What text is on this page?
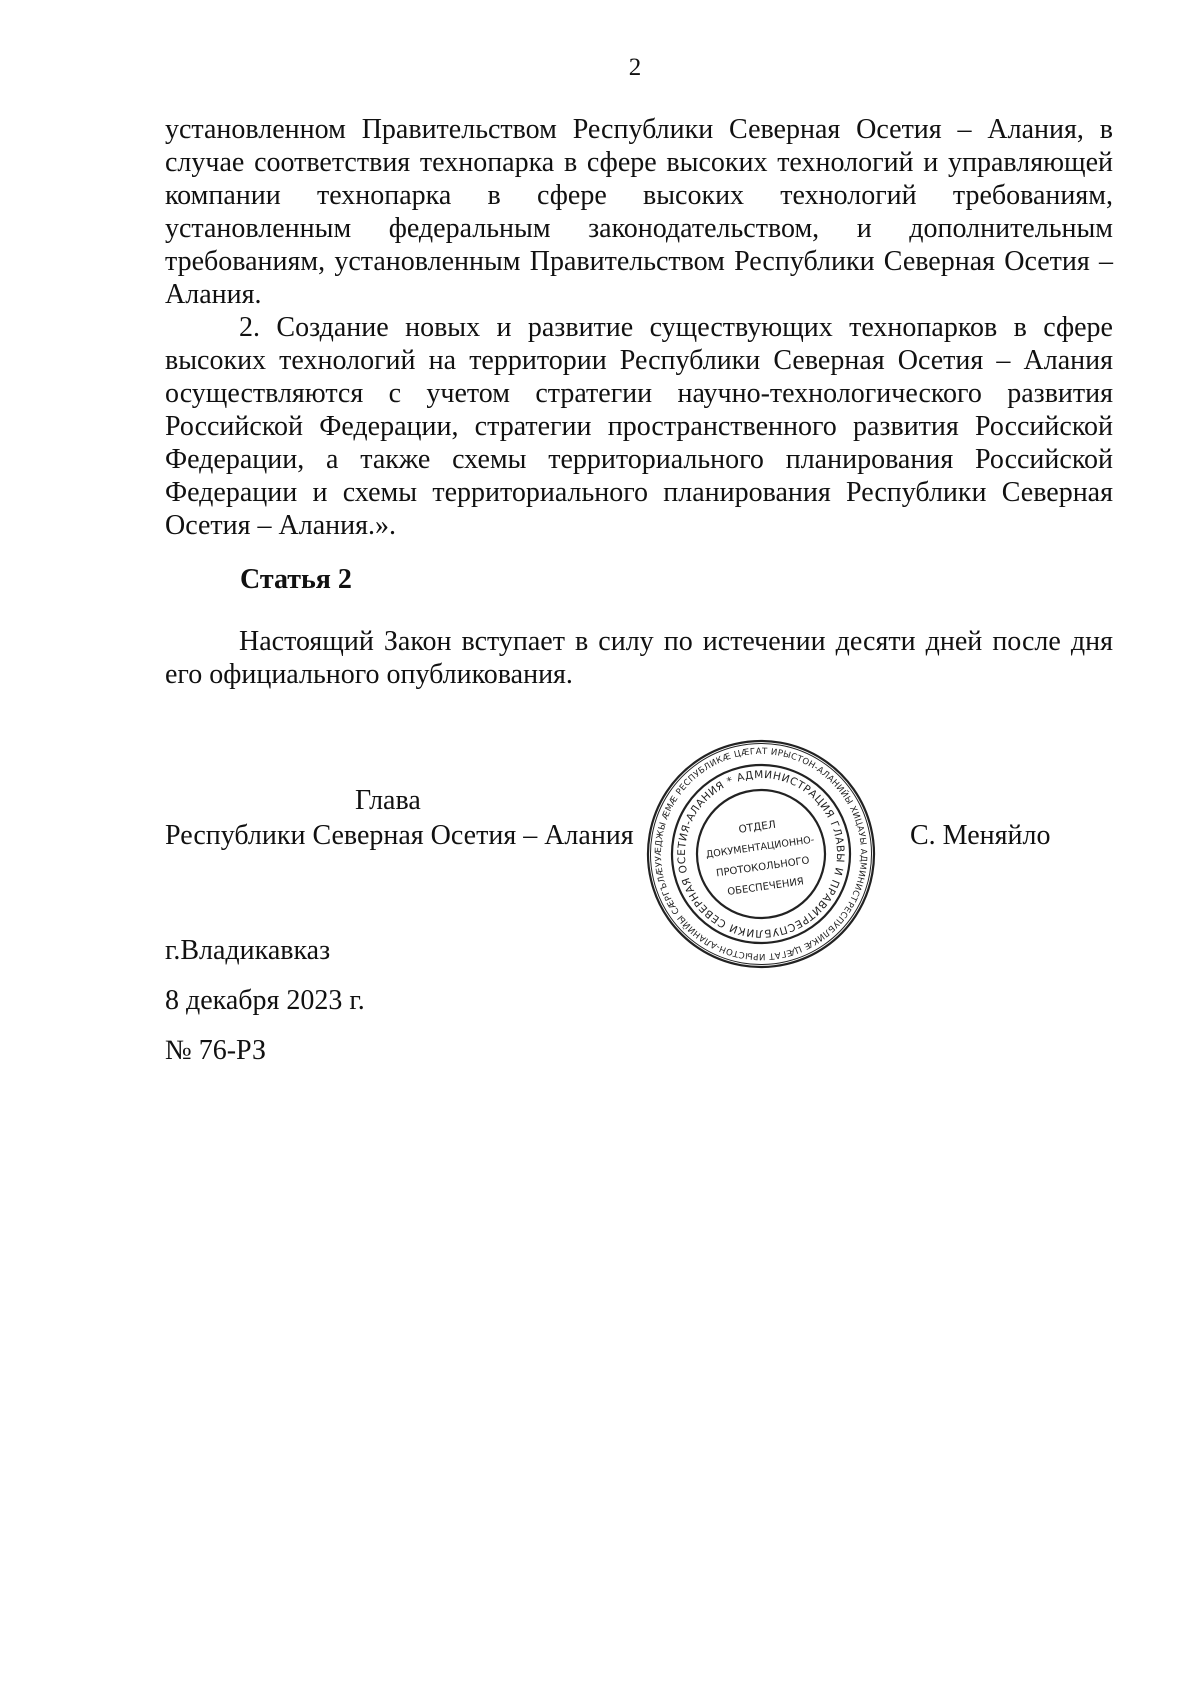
2

установленном Правительством Республики Северная Осетия – Алания, в случае соответствия технопарка в сфере высоких технологий и управляющей компании технопарка в сфере высоких технологий требованиям, установленным федеральным законодательством, и дополнительным требованиям, установленным Правительством Республики Северная Осетия – Алания.

2. Создание новых и развитие существующих технопарков в сфере высоких технологий на территории Республики Северная Осетия – Алания осуществляются с учетом стратегии научно-технологического развития Российской Федерации, стратегии пространственного развития Российской Федерации, а также схемы территориального планирования Российской Федерации и схемы территориального планирования Республики Северная Осетия – Алания.».

Статья 2

Настоящий Закон вступает в силу по истечении десяти дней после дня его официального опубликования.

Глава
Республики Северная Осетия – Алания
РЕСПУБЛИКӔ ЦӔГАТ ИРЫСТОН-АЛАНИЙЫ СӔРГЪЛӔУУӔДЖЫ ӔМӔ РЕСПУБЛИКӔ ЦӔГАТ ИРЫСТОН-АЛАНИЙЫ ХИЦАУЫ АДМИНИСТРАЦИ
РЕСПУБЛИКИ СЕВЕРНАЯ ОСЕТИЯ-АЛАНИЯ * АДМИНИСТРАЦИЯ ГЛАВЫ И ПРАВИТЕЛЬСТВА
ОТДЕЛ
ДОКУМЕНТАЦИОННО-
ПРОТОКОЛЬНОГО
ОБЕСПЕЧЕНИЯ
С. Меняйло
г.Владикавказ
8 декабря 2023 г.
№ 76-РЗ
